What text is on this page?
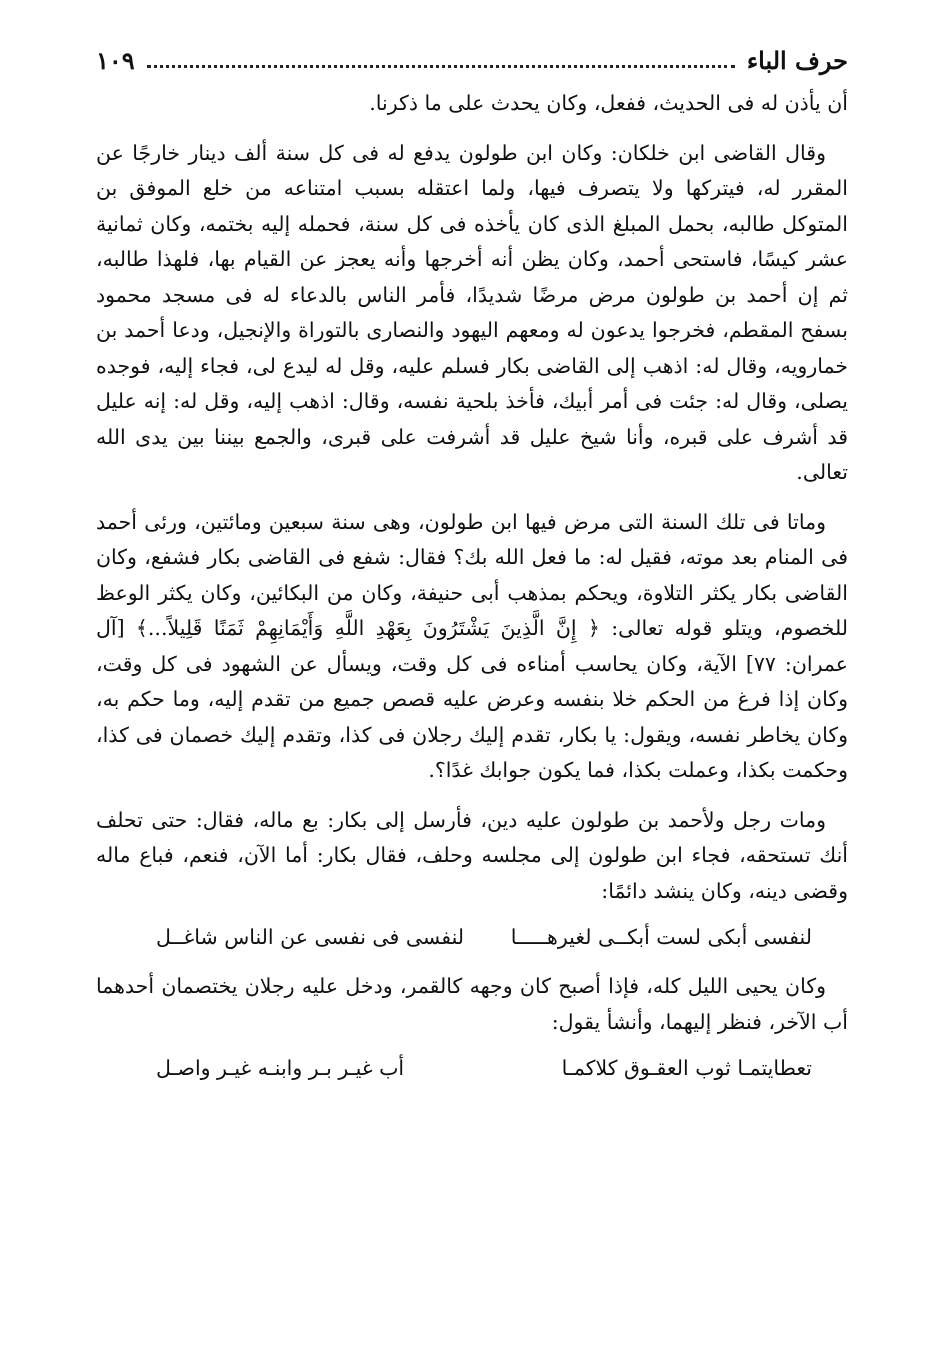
حرف الباء
١٠٩

أن يأذن له فى الحديث، ففعل، وكان يحدث على ما ذكرنا.

وقال القاضى ابن خلكان: وكان ابن طولون يدفع له فى كل سنة ألف دينار خارجًا عن المقرر له، فيتركها ولا يتصرف فيها، ولما اعتقله بسبب امتناعه من خلع الموفق بن المتوكل طالبه، بحمل المبلغ الذى كان يأخذه فى كل سنة، فحمله إليه بختمه، وكان ثمانية عشر كيسًا، فاستحى أحمد، وكان يظن أنه أخرجها وأنه يعجز عن القيام بها، فلهذا طالبه، ثم إن أحمد بن طولون مرض مرضًا شديدًا، فأمر الناس بالدعاء له فى مسجد محمود بسفح المقطم، فخرجوا يدعون له ومعهم اليهود والنصارى بالتوراة والإنجيل، ودعا أحمد بن خمارويه، وقال له: اذهب إلى القاضى بكار فسلم عليه، وقل له ليدع لى، فجاء إليه، فوجده يصلى، وقال له: جئت فى أمر أبيك، فأخذ بلحية نفسه، وقال: اذهب إليه، وقل له: إنه عليل قد أشرف على قبره، وأنا شيخ عليل قد أشرفت على قبرى، والجمع بيننا بين يدى الله تعالى.

وماتا فى تلك السنة التى مرض فيها ابن طولون، وهى سنة سبعين ومائتين، ورئى أحمد فى المنام بعد موته، فقيل له: ما فعل الله بك؟ فقال: شفع فى القاضى بكار فشفع، وكان القاضى بكار يكثر التلاوة، ويحكم بمذهب أبى حنيفة، وكان من البكائين، وكان يكثر الوعظ للخصوم، ويتلو قوله تعالى: ﴿ إِنَّ الَّذِينَ يَشْتَرُونَ بِعَهْدِ اللَّهِ وَأَيْمَانِهِمْ ثَمَنًا قَلِيلاً...﴾ [آل عمران: ٧٧] الآية، وكان يحاسب أمناءه فى كل وقت، ويسأل عن الشهود فى كل وقت، وكان إذا فرغ من الحكم خلا بنفسه وعرض عليه قصص جميع من تقدم إليه، وما حكم به، وكان يخاطر نفسه، ويقول: يا بكار، تقدم إليك رجلان فى كذا، وتقدم إليك خصمان فى كذا، وحكمت بكذا، وعملت بكذا، فما يكون جوابك غدًا؟.

ومات رجل ولأحمد بن طولون عليه دين، فأرسل إلى بكار: بع ماله، فقال: حتى تحلف أنك تستحقه، فجاء ابن طولون إلى مجلسه وحلف، فقال بكار: أما الآن، فنعم، فباع ماله وقضى دينه، وكان ينشد دائمًا:

لنفسى أبكى لست أبكــى لغيرهـــــا
لنفسى فى نفسى عن الناس شاغــل

وكان يحيى الليل كله، فإذا أصبح كان وجهه كالقمر، ودخل عليه رجلان يختصمان أحدهما أب الآخر، فنظر إليهما، وأنشأ يقول:

تعطايتمـا ثوب العقـوق كلاكمـا
أب غيـر بـر وابنـه غيـر واصـل
